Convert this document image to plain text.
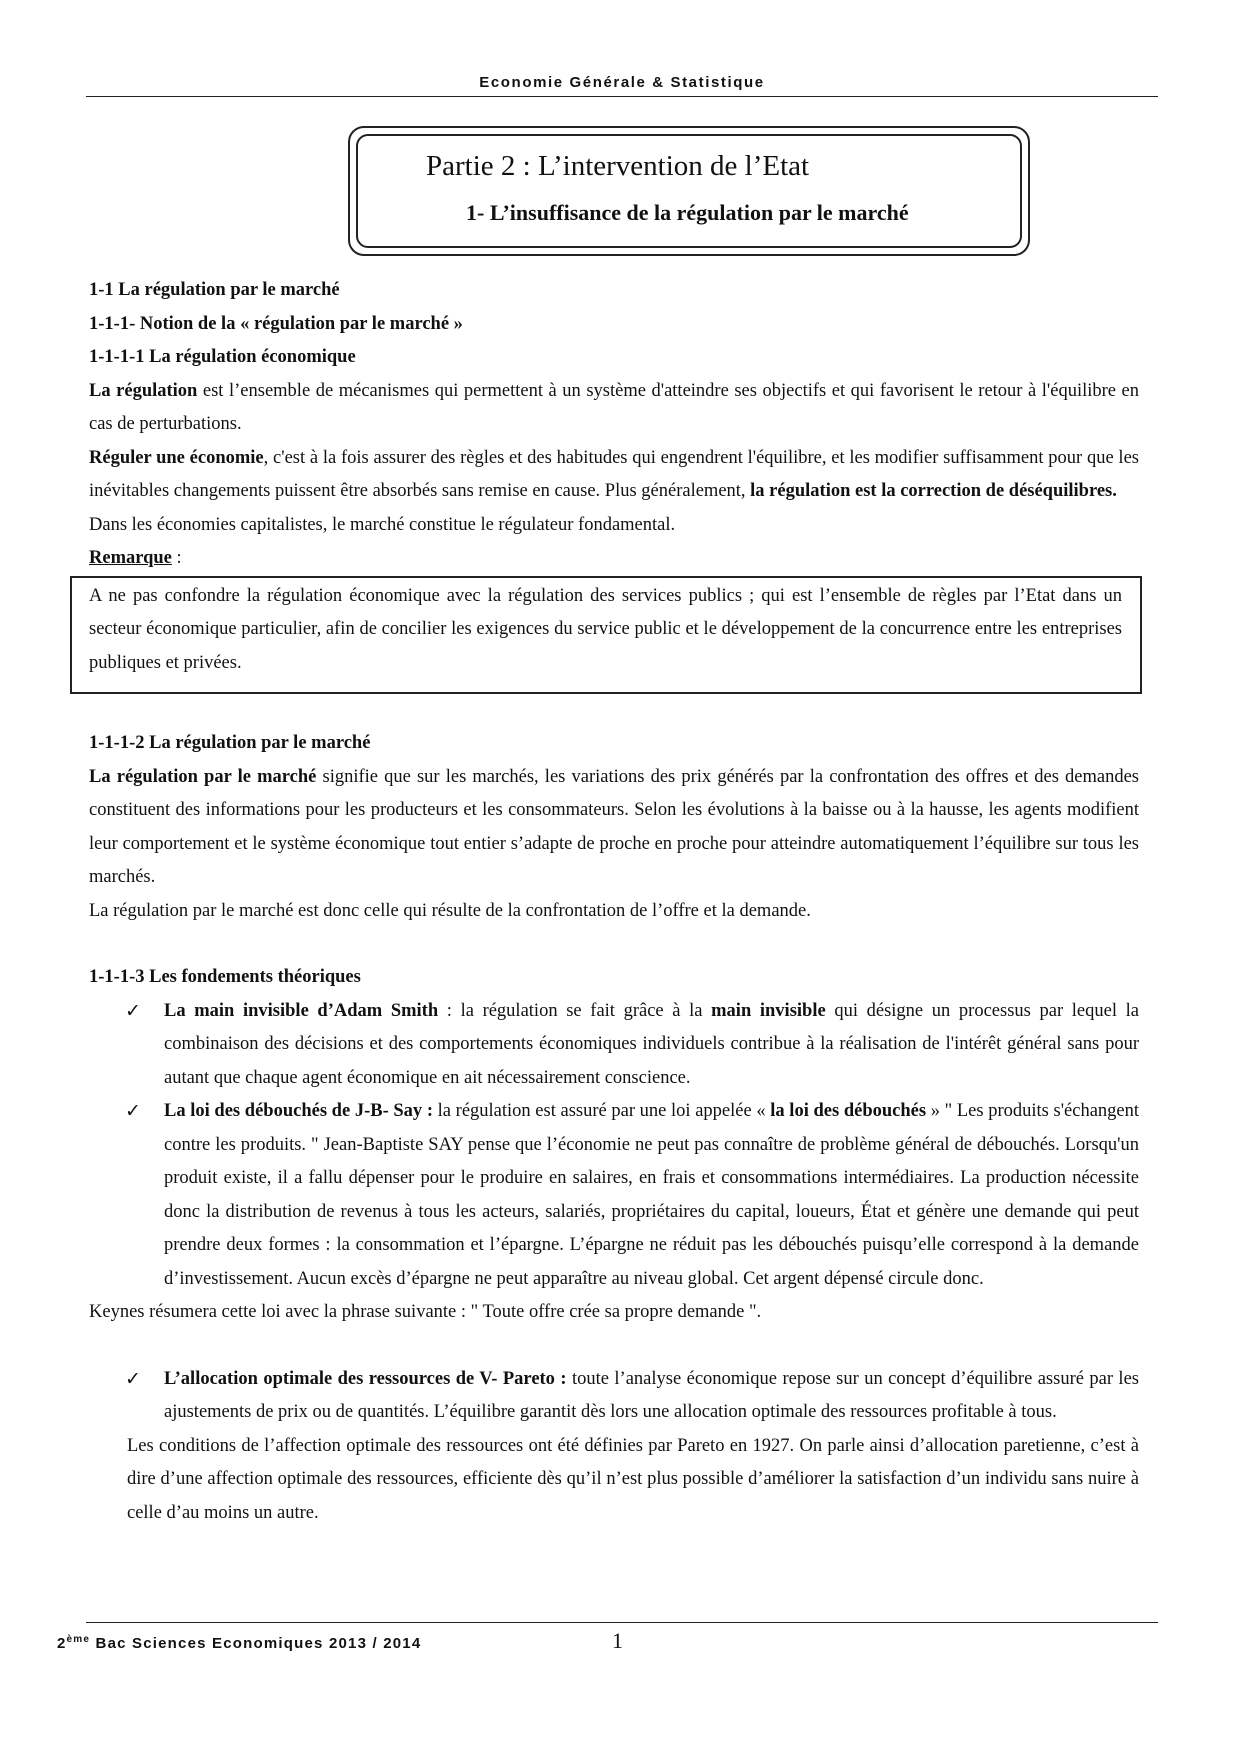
Economie Générale & Statistique
Partie 2 : L’intervention de l’Etat
1- L’insuffisance de la régulation par le marché

1-1 La régulation par le marché

1-1-1- Notion de la « régulation par le marché »

1-1-1-1 La régulation économique

La régulation est l’ensemble de mécanismes qui permettent à un système d'atteindre ses objectifs et qui favorisent le retour à l'équilibre en cas de perturbations.

Réguler une économie, c'est à la fois assurer des règles et des habitudes qui engendrent l'équilibre, et les modifier suffisamment pour que les inévitables changements puissent être absorbés sans remise en cause. Plus généralement, la régulation est la correction de déséquilibres.

Dans les économies capitalistes, le marché constitue le régulateur fondamental.

Remarque :

A ne pas confondre la régulation économique avec la régulation des services publics ; qui est l’ensemble de règles par l’Etat dans un secteur économique particulier, afin de concilier les exigences du service public et le développement de la concurrence entre les entreprises publiques et privées.

1-1-1-2 La régulation par le marché

La régulation par le marché signifie que sur les marchés, les variations des prix générés par la confrontation des offres et des demandes constituent des informations pour les producteurs et les consommateurs. Selon les évolutions à la baisse ou à la hausse, les agents modifient leur comportement et le système économique tout entier s’adapte de proche en proche pour atteindre automatiquement l’équilibre sur tous les marchés.

La régulation par le marché est donc celle qui résulte de la confrontation de l’offre et la demande.

1-1-1-3 Les fondements théoriques

✓ La main invisible d’Adam Smith : la régulation se fait grâce à la main invisible qui désigne un processus par lequel la combinaison des décisions et des comportements économiques individuels contribue à la réalisation de l'intérêt général sans pour autant que chaque agent économique en ait nécessairement conscience.

✓ La loi des débouchés de J-B- Say : la régulation est assuré par une loi appelée « la loi des débouchés » " Les produits s'échangent contre les produits. " Jean-Baptiste SAY pense que l’économie ne peut pas connaître de problème général de débouchés. Lorsqu'un produit existe, il a fallu dépenser pour le produire en salaires, en frais et consommations intermédiaires. La production nécessite donc la distribution de revenus à tous les acteurs, salariés, propriétaires du capital, loueurs, État et génère une demande qui peut prendre deux formes : la consommation et l’épargne. L’épargne ne réduit pas les débouchés puisqu’elle correspond à la demande d’investissement. Aucun excès d’épargne ne peut apparaître au niveau global. Cet argent dépensé circule donc.

Keynes résumera cette loi avec la phrase suivante : " Toute offre crée sa propre demande ".

✓ L’allocation optimale des ressources de V- Pareto : toute l’analyse économique repose sur un concept d’équilibre assuré par les ajustements de prix ou de quantités. L’équilibre garantit dès lors une allocation optimale des ressources profitable à tous.

Les conditions de l’affection optimale des ressources ont été définies par Pareto en 1927. On parle ainsi d’allocation paretienne, c’est à dire d’une affection optimale des ressources, efficiente dès qu’il n’est plus possible d’améliorer la satisfaction d’un individu sans nuire à celle d’au moins un autre.

2ème Bac Sciences Economiques 2013 / 2014	1
